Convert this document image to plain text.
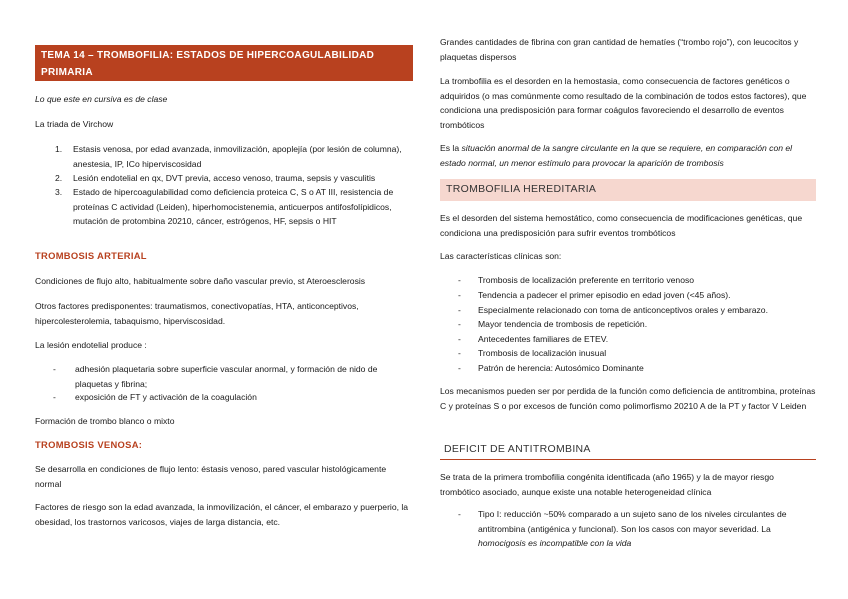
TEMA 14 – TROMBOFILIA: ESTADOS DE HIPERCOAGULABILIDAD PRIMARIA

Lo que este en cursiva es de clase

La triada de Virchow

1. Estasis venosa, por edad avanzada, inmovilización, apoplejía (por lesión de columna), anestesia, IP, ICo hiperviscosidad
2. Lesión endotelial en qx, DVT previa, acceso venoso, trauma, sepsis y vasculitis
3. Estado de hipercoagulabilidad como deficiencia proteica C, S o AT III, resistencia de proteínas C actividad (Leiden), hiperhomocistenemia, anticuerpos antifosfolípidicos, mutación de protombina 20210, cáncer, estrógenos, HF, sepsis o HIT

TROMBOSIS ARTERIAL

Condiciones de flujo alto, habitualmente sobre daño vascular previo, st Ateroesclerosis

Otros factores predisponentes: traumatismos, conectivopatías, HTA, anticonceptivos, hipercolesterolemia, tabaquismo, hiperviscosidad.

La lesión endotelial produce :

- adhesión plaquetaria sobre superficie vascular anormal, y formación de nido de plaquetas y fibrina;
- exposición de FT y activación de la coagulación

Formación de trombo blanco o mixto

TROMBOSIS VENOSA:

Se desarrolla en condiciones de flujo lento: éstasis venoso, pared vascular histológicamente normal

Factores de riesgo son la edad avanzada, la inmovilización, el cáncer, el embarazo y puerperio, la obesidad, los trastornos varicosos, viajes de larga distancia, etc.

Grandes cantidades de fibrina con gran cantidad de hematíes (“trombo rojo”), con leucocitos y plaquetas dispersos

La trombofilia es el desorden en la hemostasia, como consecuencia de factores genéticos o adquiridos (o mas comúnmente como resultado de la combinación de todos estos factores), que condiciona una predisposición para formar coágulos favoreciendo el desarrollo de eventos trombóticos

Es la situación anormal de la sangre circulante en la que se requiere, en comparación con el estado normal, un menor estímulo para provocar la aparición de trombosis

TROMBOFILIA HEREDITARIA

Es el desorden del sistema hemostático, como consecuencia de modificaciones genéticas, que condiciona una predisposición para sufrir eventos trombóticos

Las características clínicas son:

- Trombosis de localización preferente en territorio venoso
- Tendencia a padecer el primer episodio en edad joven (<45 años).
- Especialmente relacionado con toma de anticonceptivos orales y embarazo.
- Mayor tendencia de trombosis de repetición.
- Antecedentes familiares de ETEV.
- Trombosis de localización inusual
- Patrón de herencia: Autosómico Dominante

Los mecanismos pueden ser por perdida de la función como deficiencia de antitrombina, proteínas C y proteínas S o por excesos de función como polimorfismo 20210 A de la PT y factor V Leiden

DEFICIT DE ANTITROMBINA

Se trata de la primera trombofilia congénita identificada (año 1965) y la de mayor riesgo trombótico asociado, aunque existe una notable heterogeneidad clínica

- Tipo I: reducción ~50% comparado a un sujeto sano de los niveles circulantes de antitrombina (antigénica y funcional). Son los casos con mayor severidad. La homocigosis es incompatible con la vida
